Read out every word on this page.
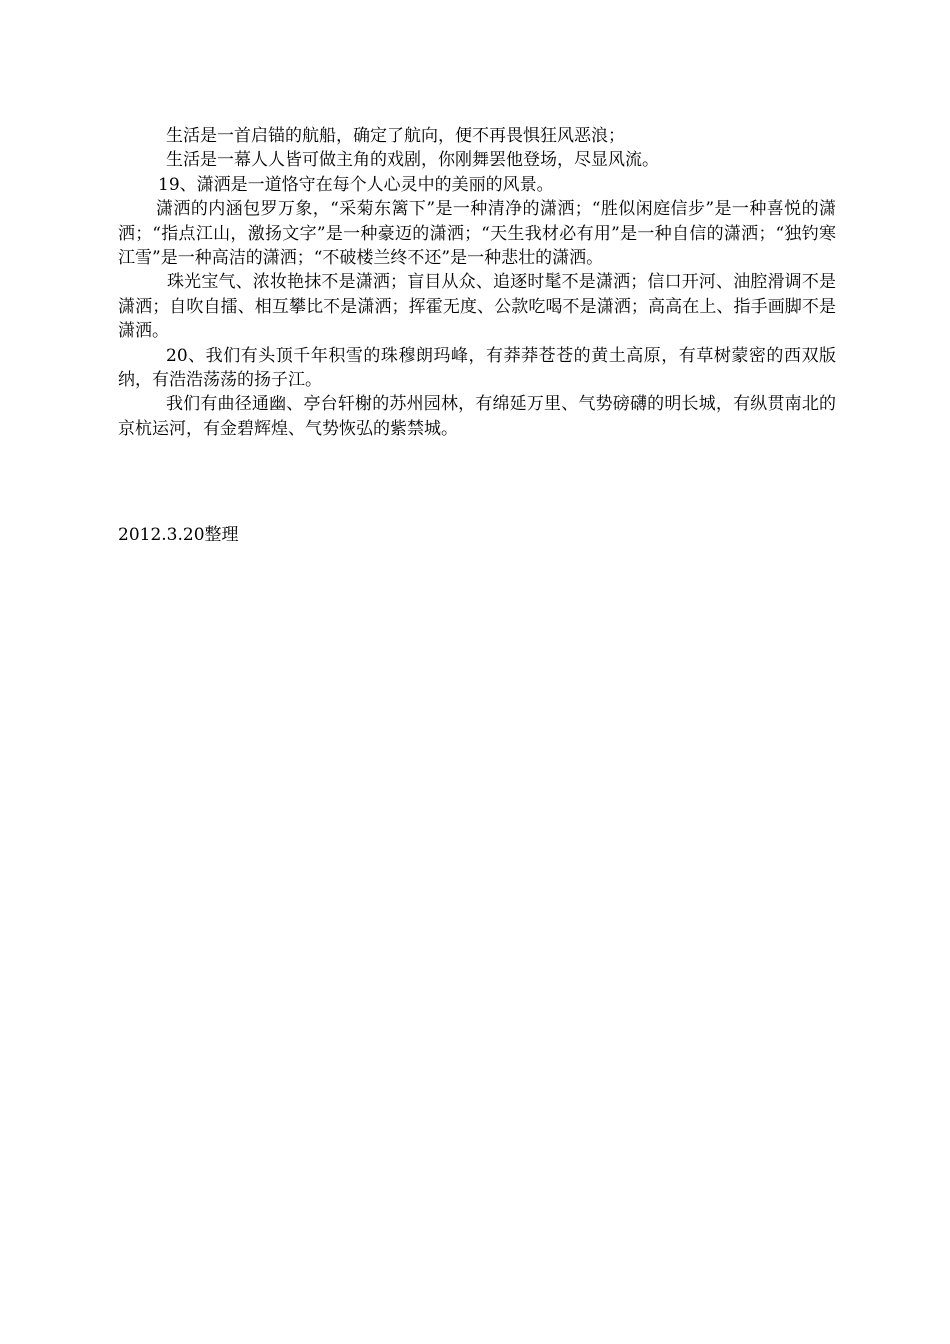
生活是一首启锚的航船，确定了航向，便不再畏惧狂风恶浪；

生活是一幕人人皆可做主角的戏剧，你刚舞罢他登场，尽显风流。

19、潇洒是一道恪守在每个人心灵中的美丽的风景。

潇洒的内涵包罗万象，“采菊东篱下”是一种清净的潇洒；“胜似闲庭信步”是一种喜悦的潇洒；“指点江山，激扬文字”是一种豪迈的潇洒；“天生我材必有用”是一种自信的潇洒；“独钓寒江雪”是一种高洁的潇洒；“不破楼兰终不还”是一种悲壮的潇洒。

珠光宝气、浓妆艳抹不是潇洒；盲目从众、追逐时髦不是潇洒；信口开河、油腔滑调不是潇洒；自吹自擂、相互攀比不是潇洒；挥霍无度、公款吃喝不是潇洒；高高在上、指手画脚不是潇洒。

20、我们有头顶千年积雪的珠穆朗玛峰，有莽莽苍苍的黄土高原，有草树蒙密的西双版纳，有浩浩荡荡的扬子江。

我们有曲径通幽、亭台轩榭的苏州园林，有绵延万里、气势磅礴的明长城，有纵贯南北的京杭运河，有金碧辉煌、气势恢弘的紫禁城。

2012.3.20整理
